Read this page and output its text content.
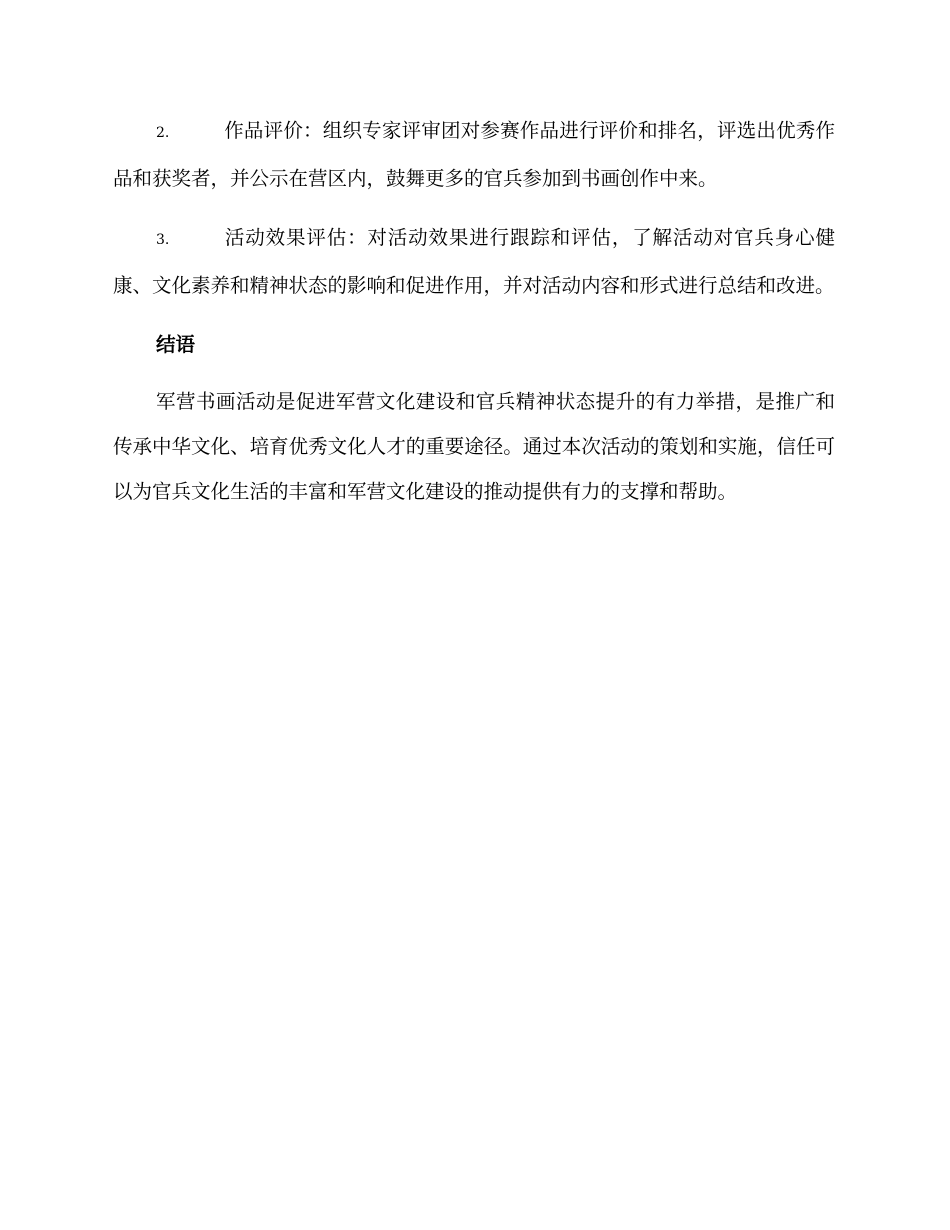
2.	作品评价：组织专家评审团对参赛作品进行评价和排名，评选出优秀作品和获奖者，并公示在营区内，鼓舞更多的官兵参加到书画创作中来。

3.	活动效果评估：对活动效果进行跟踪和评估，了解活动对官兵身心健康、文化素养和精神状态的影响和促进作用，并对活动内容和形式进行总结和改进。

结语

军营书画活动是促进军营文化建设和官兵精神状态提升的有力举措，是推广和传承中华文化、培育优秀文化人才的重要途径。通过本次活动的策划和实施，信任可以为官兵文化生活的丰富和军营文化建设的推动提供有力的支撑和帮助。
